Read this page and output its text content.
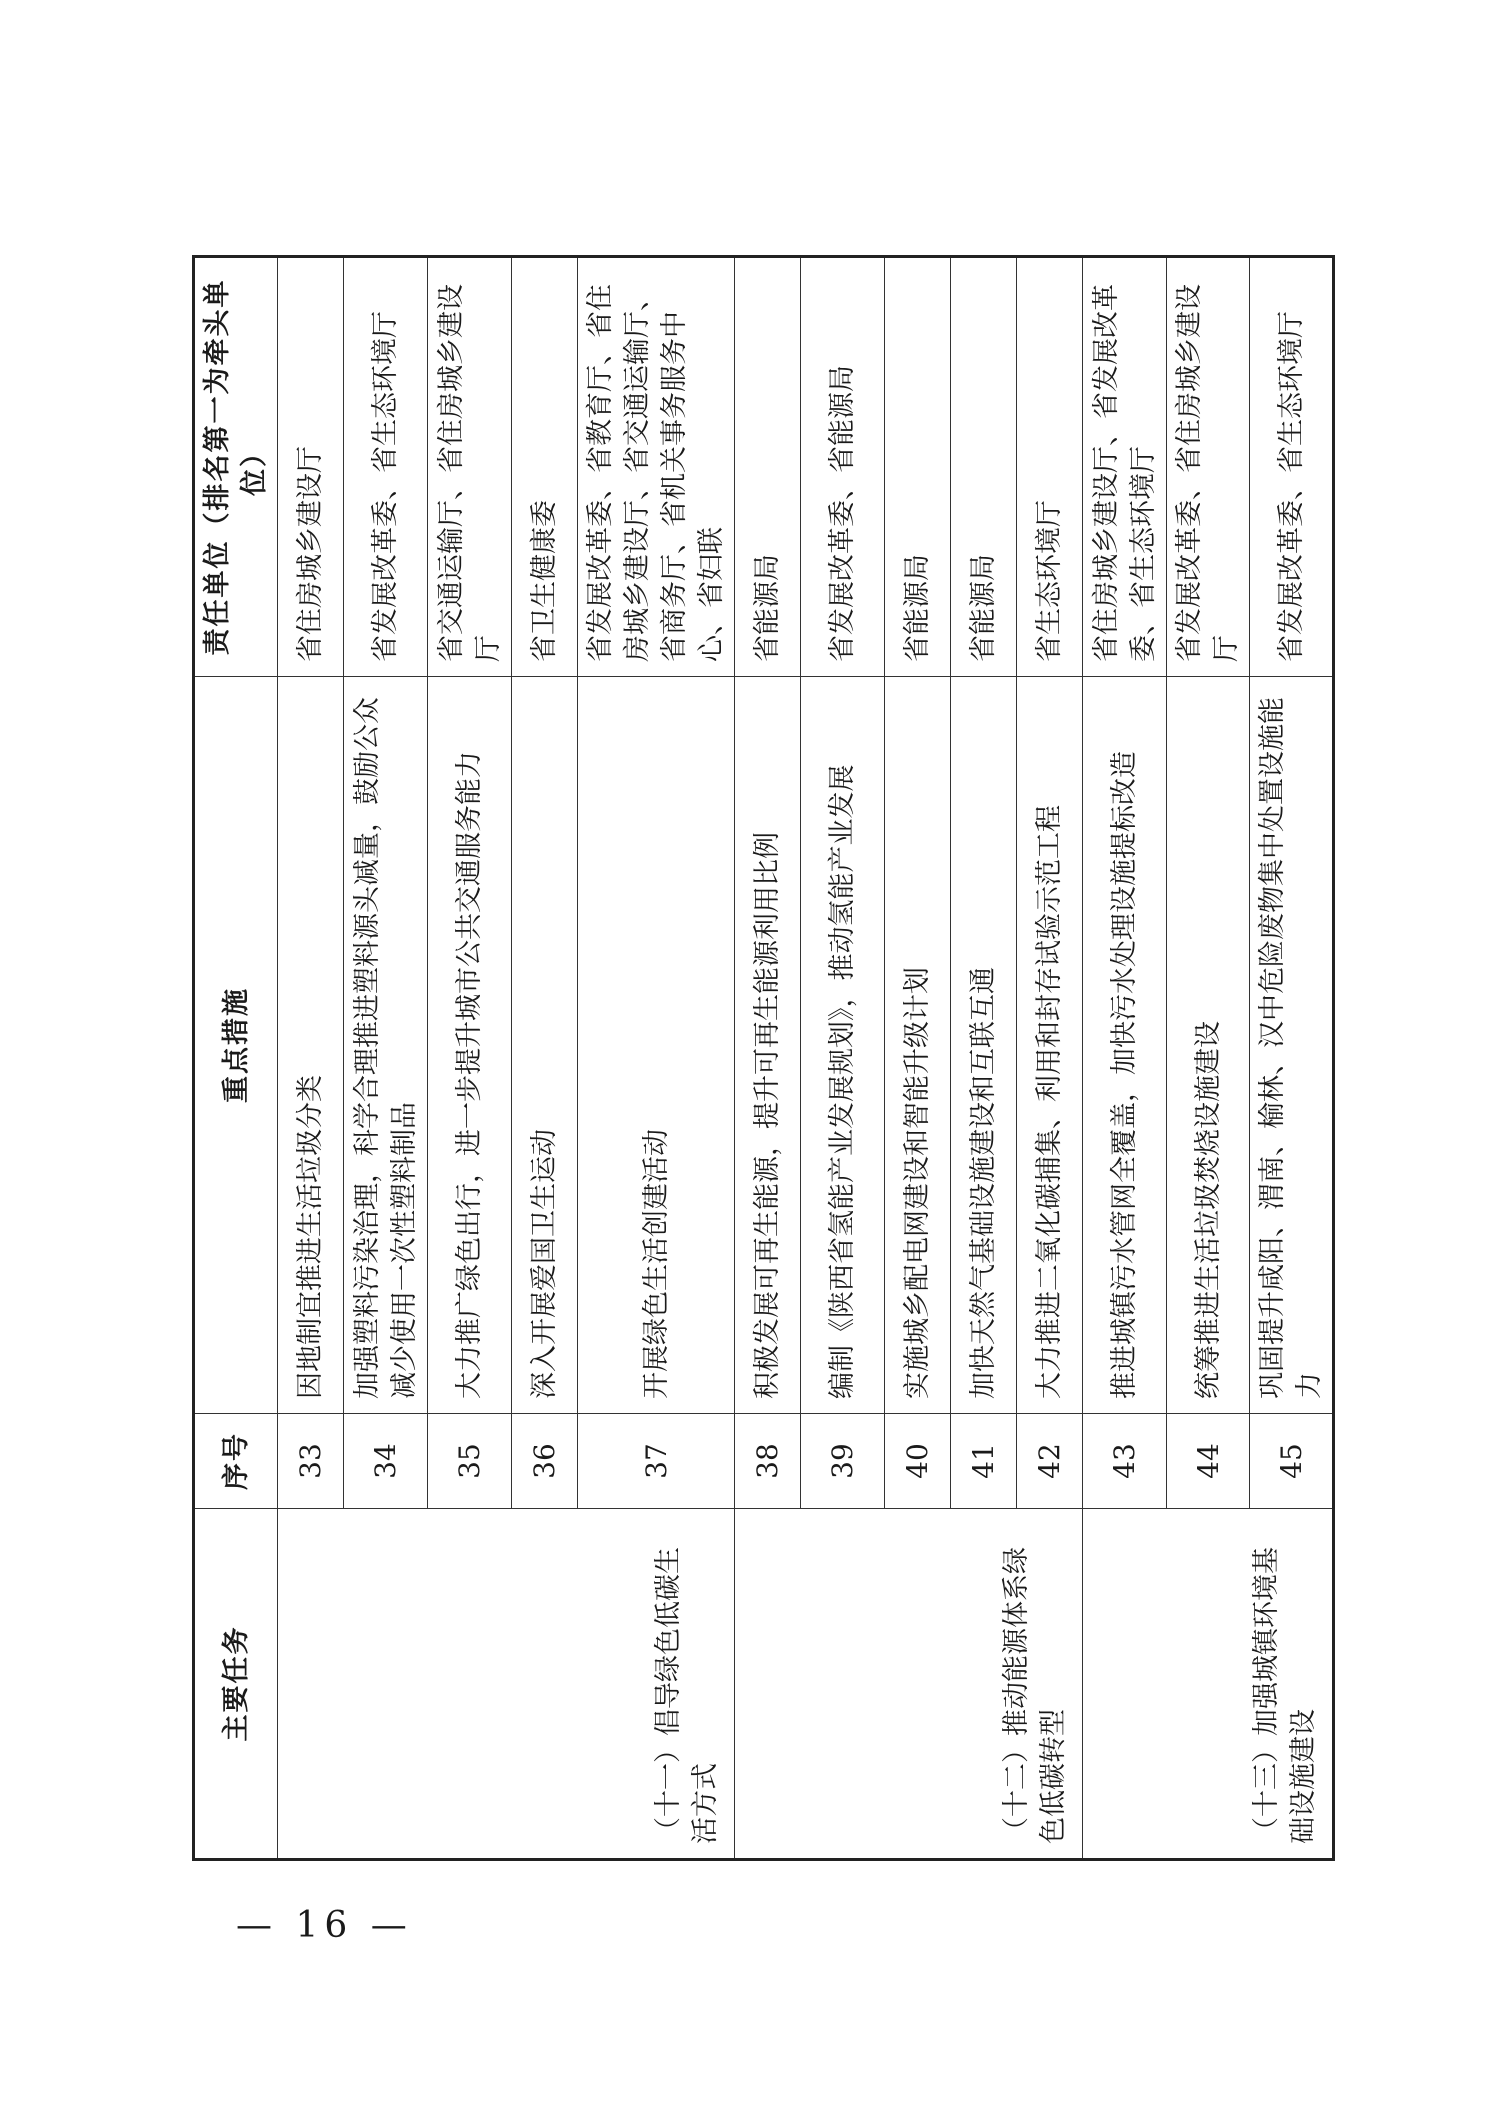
主要任务	序号	重点措施	责任单位（排名第一为牵头单位）

（十一）倡导绿色低碳生活方式	33	因地制宜推进生活垃圾分类	省住房城乡建设厅
	34	加强塑料污染治理，科学合理推进塑料源头减量，鼓励公众减少使用一次性塑料制品	省发展改革委、省生态环境厅
	35	大力推广绿色出行，进一步提升城市公共交通服务能力	省交通运输厅、省住房城乡建设厅
	36	深入开展爱国卫生运动	省卫生健康委
	37	开展绿色生活创建活动	省发展改革委、省教育厅、省住房城乡建设厅、省交通运输厅、省商务厅、省机关事务服务中心、省妇联

（十二）推动能源体系绿色低碳转型	38	积极发展可再生能源，提升可再生能源利用比例	省能源局
	39	编制《陕西省氢能产业发展规划》，推动氢能产业发展	省发展改革委、省能源局
	40	实施城乡配电网建设和智能升级计划	省能源局
	41	加快天然气基础设施建设和互联互通	省能源局
	42	大力推进二氧化碳捕集、利用和封存试验示范工程	省生态环境厅

（十三）加强城镇环境基础设施建设	43	推进城镇污水管网全覆盖，加快污水处理设施提标改造	省住房城乡建设厅、省发展改革委、省生态环境厅
	44	统筹推进生活垃圾焚烧设施建设	省发展改革委、省住房城乡建设厅
	45	巩固提升咸阳、渭南、榆林、汉中危险废物集中处置设施能力	省发展改革委、省生态环境厅
— 16 —
